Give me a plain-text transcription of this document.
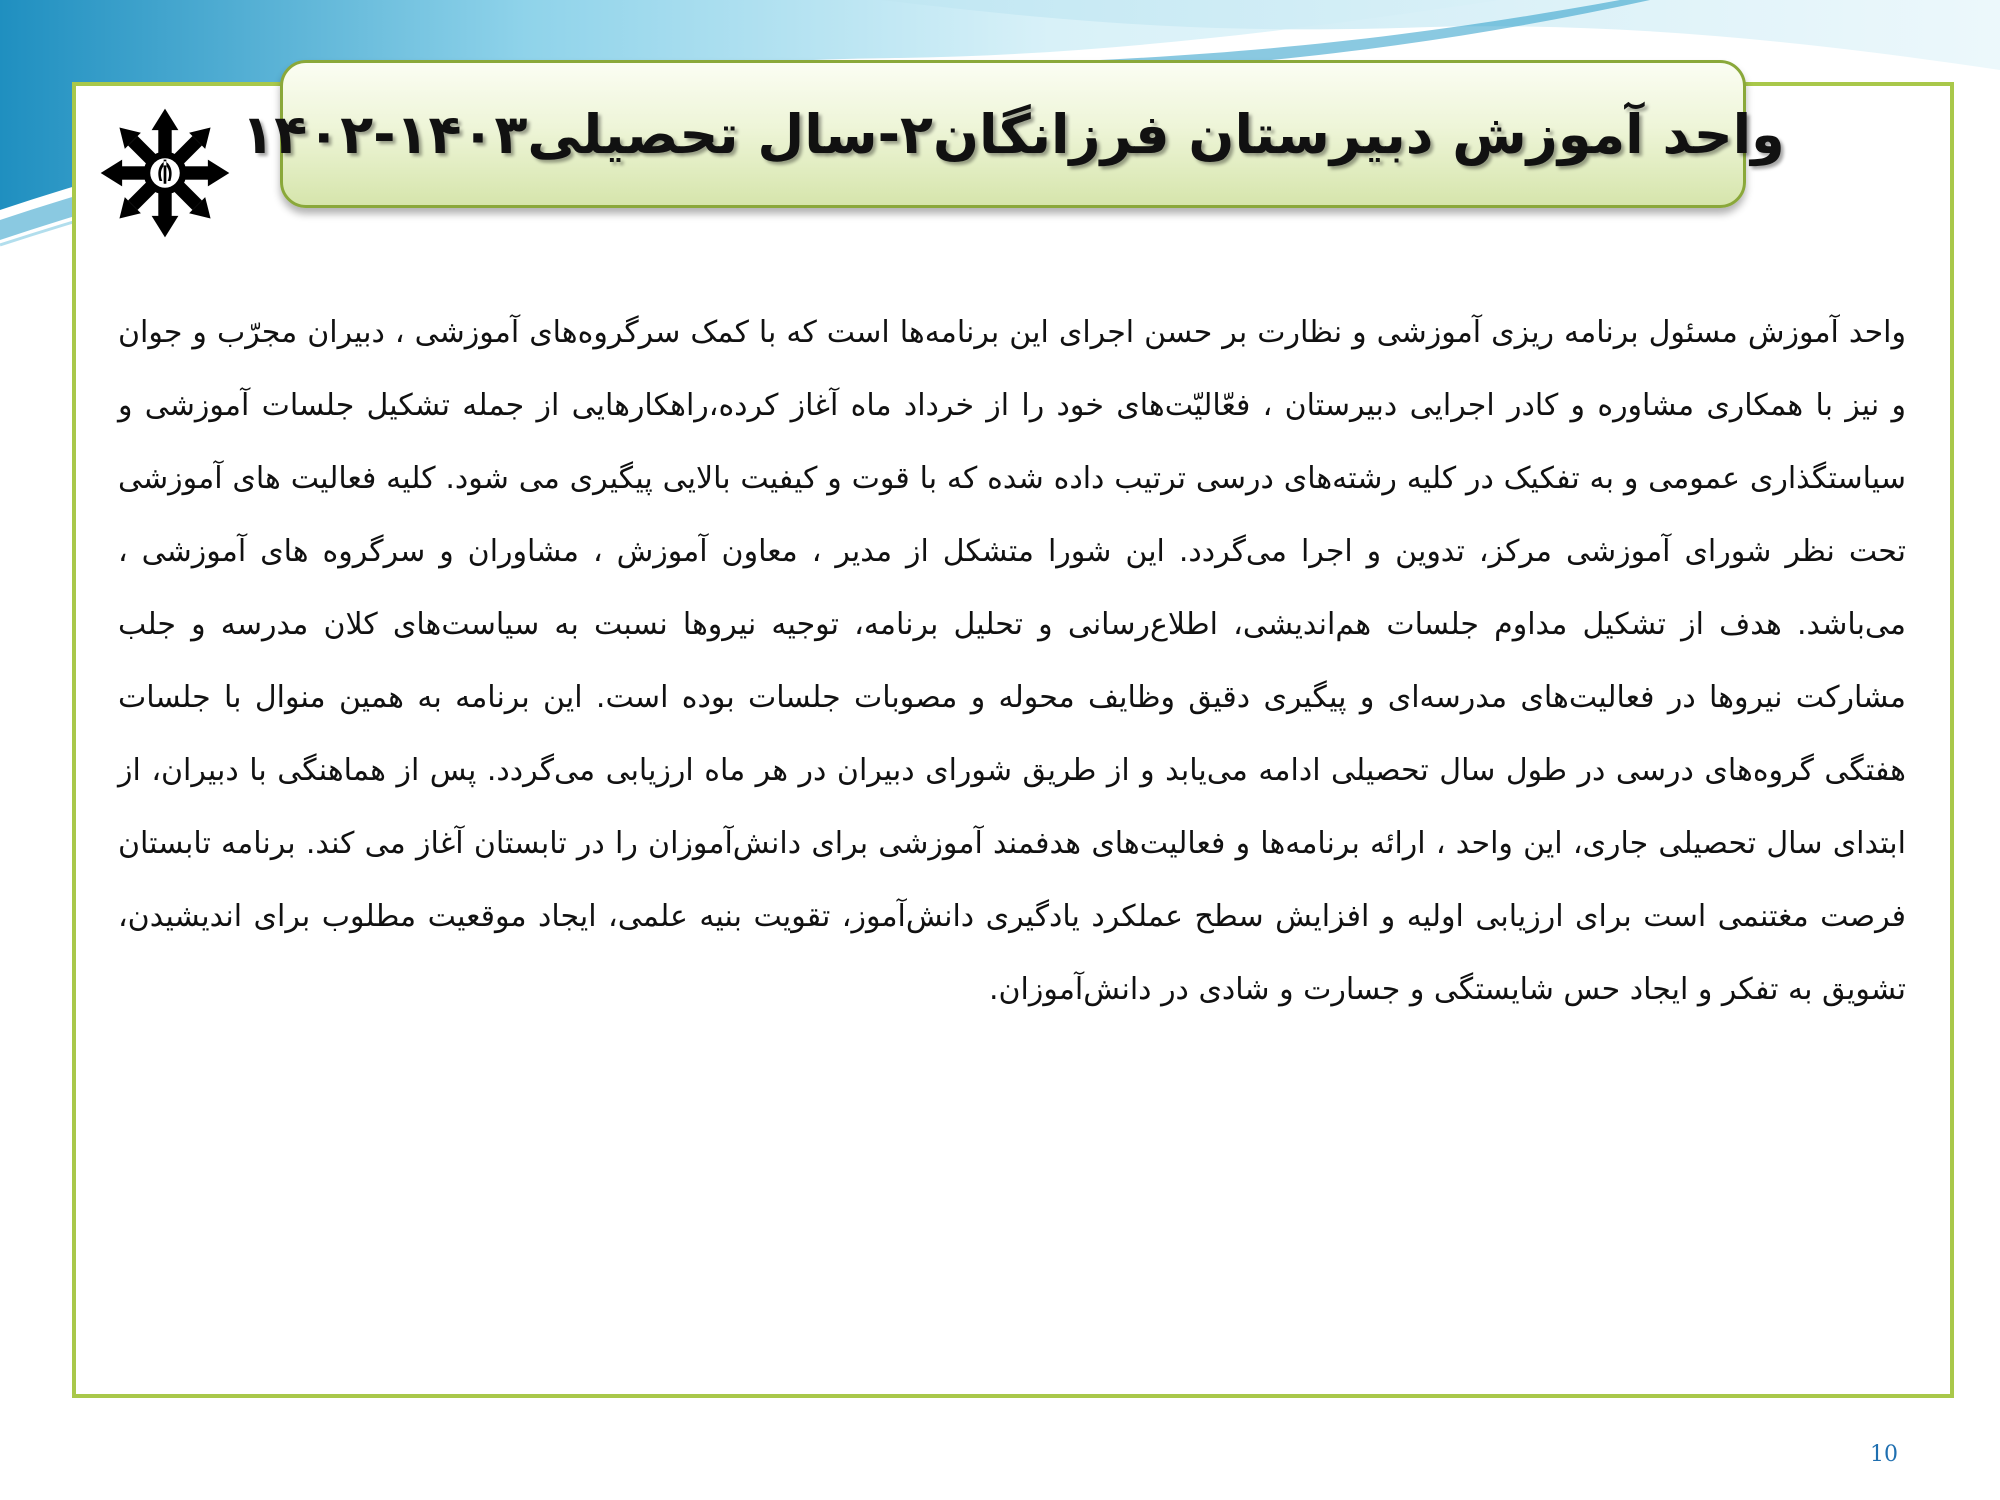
واحد آموزش دبیرستان فرزانگان۲-سال تحصیلی۱۴۰۳-۱۴۰۲

واحد آموزش مسئول برنامه ریزی آموزشی و نظارت بر حسن اجرای این برنامه‌ها است که با کمک سرگروه‌های آموزشی ، دبیران مجرّب و جوان و نیز با همکاری مشاوره و کادر اجرایی دبیرستان ، فعّالیّت‌های خود را از خرداد ماه آغاز کرده،راهکارهایی از جمله تشکیل جلسات آموزشی و سیاستگذاری عمومی و به تفکیک در کلیه رشته‌های درسی ترتیب داده شده که با قوت و کیفیت بالایی پیگیری می شود. کلیه فعالیت های آموزشی تحت نظر شورای آموزشی مرکز، تدوین و اجرا می‌گردد. این شورا متشکل از مدیر ، معاون آموزش ، مشاوران و سرگروه های آموزشی ، می‌باشد. هدف از تشکیل مداوم جلسات هم‌اندیشی، اطلاع‌رسانی و تحلیل برنامه، توجیه نیروها نسبت به سیاست‌های کلان مدرسه و جلب مشارکت نیروها در فعالیت‌های مدرسه‌ای و پیگیری دقیق وظایف محوله و مصوبات جلسات بوده است. این برنامه به همین منوال با جلسات هفتگی گروه‌های درسی در طول سال تحصیلی ادامه می‌یابد و از طریق شورای دبیران در هر ماه ارزیابی می‌گردد. پس از هماهنگی با دبیران، از ابتدای سال تحصیلی جاری، این واحد ، ارائه برنامه‌ها و فعالیت‌های هدفمند آموزشی برای دانش‌آموزان را در تابستان آغاز می کند. برنامه تابستان فرصت مغتنمی است برای ارزیابی اولیه و افزایش سطح عملکرد یادگیری دانش‌آموز، تقویت بنیه علمی، ایجاد موقعیت مطلوب برای اندیشیدن، تشویق به تفکر و ایجاد حس شایستگی و جسارت و شادی در دانش‌آموزان.

10
